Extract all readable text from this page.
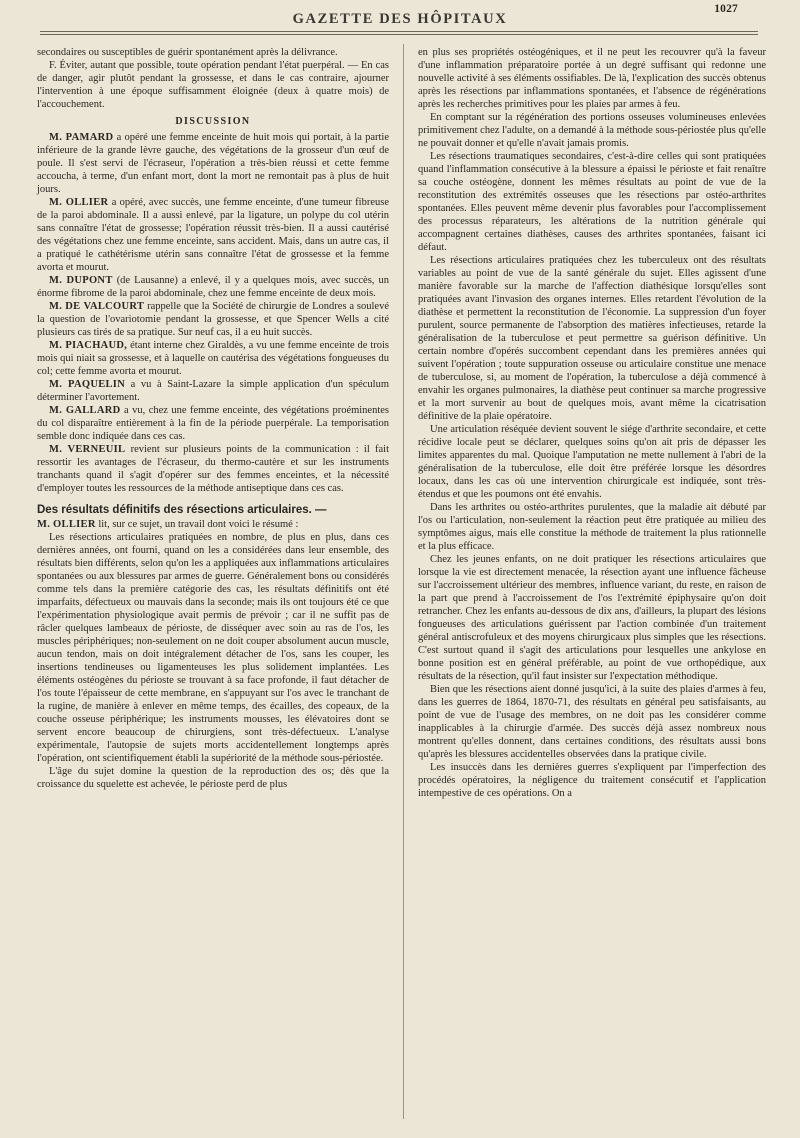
1027
GAZETTE DES HÔPITAUX

secondaires ou susceptibles de guérir spontanément après la délivrance.

F. Éviter, autant que possible, toute opération pendant l'état puerpéral. — En cas de danger, agir plutôt pendant la grossesse, et dans le cas contraire, ajourner l'intervention à une époque suffisamment éloignée (deux à quatre mois) de l'accouchement.

DISCUSSION

M. PAMARD a opéré une femme enceinte de huit mois qui portait, à la partie inférieure de la grande lèvre gauche, des végétations de la grosseur d'un œuf de poule. Il s'est servi de l'écraseur, l'opération a très-bien réussi et cette femme accoucha, à terme, d'un enfant mort, dont la mort ne remontait pas à plus de huit jours.

M. OLLIER a opéré, avec succès, une femme enceinte, d'une tumeur fibreuse de la paroi abdominale. Il a aussi enlevé, par la ligature, un polype du col utérin sans connaître l'état de grossesse; l'opération réussit très-bien. Il a aussi cautérisé des végétations chez une femme enceinte, sans accident. Mais, dans un autre cas, il a pratiqué le cathétérisme utérin sans connaître l'état de grossesse et la femme avorta et mourut.

M. DUPONT (de Lausanne) a enlevé, il y a quelques mois, avec succès, un énorme fibrome de la paroi abdominale, chez une femme enceinte de deux mois.

M. DE VALCOURT rappelle que la Société de chirurgie de Londres a soulevé la question de l'ovariotomie pendant la grossesse, et que Spencer Wells a cité plusieurs cas tirés de sa pratique. Sur neuf cas, il a eu huit succès.

M. PIACHAUD, étant interne chez Giraldès, a vu une femme enceinte de trois mois qui niait sa grossesse, et à laquelle on cautérisa des végétations fongueuses du col; cette femme avorta et mourut.

M. PAQUELIN a vu à Saint-Lazare la simple application d'un spéculum déterminer l'avortement.

M. GALLARD a vu, chez une femme enceinte, des végétations proéminentes du col disparaître entièrement à la fin de la période puerpérale. La temporisation semble donc indiquée dans ces cas.

M. VERNEUIL revient sur plusieurs points de la communication : il fait ressortir les avantages de l'écraseur, du thermo-cautère et sur les instruments tranchants quand il s'agit d'opérer sur des femmes enceintes, et la nécessité d'employer toutes les ressources de la méthode antiseptique dans ces cas.

Des résultats définitifs des résections articulaires. —

M. OLLIER lit, sur ce sujet, un travail dont voici le résumé :

Les résections articulaires pratiquées en nombre, de plus en plus, dans ces dernières années, ont fourni, quand on les a considérées dans leur ensemble, des résultats bien différents, selon qu'on les a appliquées aux inflammations articulaires spontanées ou aux blessures par armes de guerre. Généralement bons ou considérés comme tels dans la première catégorie des cas, les résultats définitifs ont été imparfaits, défectueux ou mauvais dans la seconde; mais ils ont toujours été ce que l'expérimentation physiologique avait permis de prévoir ; car il ne suffit pas de râcler quelques lambeaux de périoste, de disséquer avec soin au ras de l'os, les muscles périphériques; non-seulement on ne doit couper absolument aucun muscle, aucun tendon, mais on doit intégralement détacher de l'os, sans les couper, les insertions tendineuses ou ligamenteuses les plus solidement implantées. Les éléments ostéogènes du périoste se trouvant à sa face profonde, il faut détacher de l'os toute l'épaisseur de cette membrane, en s'appuyant sur l'os avec le tranchant de la rugine, de manière à enlever en même temps, des écailles, des copeaux, de la couche osseuse périphérique; les instruments mousses, les élévatoires dont se servent encore beaucoup de chirurgiens, sont très-défectueux. L'analyse expérimentale, l'autopsie de sujets morts accidentellement longtemps après l'opération, ont scientifiquement établi la supériorité de la méthode sous-périostée.

L'âge du sujet domine la question de la reproduction des os; dès que la croissance du squelette est achevée, le périoste perd de plus

en plus ses propriétés ostéogéniques, et il ne peut les recouvrer qu'à la faveur d'une inflammation préparatoire portée à un degré suffisant qui redonne une nouvelle activité à ses éléments ossifiables. De là, l'explication des succès obtenus après les résections par inflammations spontanées, et l'absence de régénérations après les recherches primitives pour les plaies par armes à feu.

En comptant sur la régénération des portions osseuses volumineuses enlevées primitivement chez l'adulte, on a demandé à la méthode sous-périostée plus qu'elle ne pouvait donner et qu'elle n'avait jamais promis.

Les résections traumatiques secondaires, c'est-à-dire celles qui sont pratiquées quand l'inflammation consécutive à la blessure a épaissi le périoste et fait renaître sa couche ostéogène, donnent les mêmes résultats au point de vue de la reconstitution des extrémités osseuses que les résections par ostéo-arthrites spontanées. Elles peuvent même devenir plus favorables pour l'accomplissement des processus réparateurs, les altérations de la nutrition générale qui accompagnent certaines diathèses, causes des arthrites spontanées, faisant ici défaut.

Les résections articulaires pratiquées chez les tuberculeux ont des résultats variables au point de vue de la santé générale du sujet. Elles agissent d'une manière favorable sur la marche de l'affection diathésique lorsqu'elles sont pratiquées avant l'invasion des organes internes. Elles retardent l'évolution de la diathèse et permettent la reconstitution de l'économie. La suppression d'un foyer purulent, source permanente de l'absorption des matières infectieuses, retarde la généralisation de la tuberculose et peut permettre sa guérison définitive. Un certain nombre d'opérés succombent cependant dans les premières années qui suivent l'opération ; toute suppuration osseuse ou articulaire constitue une menace de tuberculose, si, au moment de l'opération, la tuberculose a déjà commencé à envahir les organes pulmonaires, la diathèse peut continuer sa marche progressive et la mort survenir au bout de quelques mois, avant même la cicatrisation définitive de la plaie opératoire.

Une articulation réséquée devient souvent le siége d'arthrite secondaire, et cette récidive locale peut se déclarer, quelques soins qu'on ait pris de dépasser les limites apparentes du mal. Quoique l'amputation ne mette nullement à l'abri de la généralisation de la tuberculose, elle doit être préférée lorsque les désordres locaux, dans les cas où une intervention chirurgicale est indiquée, sont très-étendus et que les poumons ont été envahis.

Dans les arthrites ou ostéo-arthrites purulentes, que la maladie ait débuté par l'os ou l'articulation, non-seulement la réaction peut être pratiquée au milieu des symptômes aigus, mais elle constitue la méthode de traitement la plus rationnelle et la plus efficace.

Chez les jeunes enfants, on ne doit pratiquer les résections articulaires que lorsque la vie est directement menacée, la résection ayant une influence fâcheuse sur l'accroissement ultérieur des membres, influence variant, du reste, en raison de la part que prend à l'accroissement de l'os l'extrémité épiphysaire qu'on doit retrancher. Chez les enfants au-dessous de dix ans, d'ailleurs, la plupart des lésions fongueuses des articulations guérissent par l'action combinée d'un traitement général antiscrofuleux et des moyens chirurgicaux plus simples que les résections. C'est surtout quand il s'agit des articulations pour lesquelles une ankylose en bonne position est en général préférable, au point de vue orthopédique, aux résultats de la résection, qu'il faut insister sur l'expectation méthodique.

Bien que les résections aient donné jusqu'ici, à la suite des plaies d'armes à feu, dans les guerres de 1864, 1870-71, des résultats en général peu satisfaisants, au point de vue de l'usage des membres, on ne doit pas les considérer comme inapplicables à la chirurgie d'armée. Des succès déjà assez nombreux nous montrent qu'elles donnent, dans certaines conditions, des résultats aussi bons qu'après les blessures accidentelles observées dans la pratique civile.

Les insuccès dans les dernières guerres s'expliquent par l'imperfection des procédés opératoires, la négligence du traitement consécutif et l'application intempestive de ces opérations. On a
